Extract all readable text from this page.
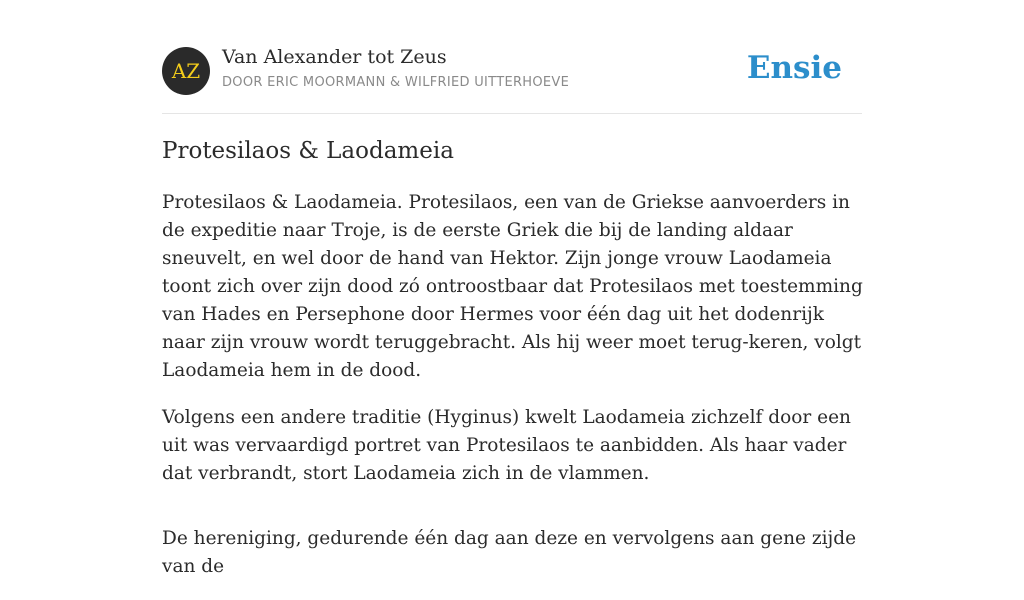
AZ
Van Alexander tot Zeus
DOOR ERIC MOORMANN & WILFRIED UITTERHOEVE	Ensie
Protesilaos & Laodameia

Protesilaos & Laodameia. Protesilaos, een van de Griekse aanvoerders in de expeditie naar Troje, is de eerste Griek die bij de landing aldaar sneuvelt, en wel door de hand van Hektor. Zijn jonge vrouw Laodameia toont zich over zijn dood zó ontroostbaar dat Protesilaos met toestemming van Hades en Persephone door Hermes voor één dag uit het dodenrijk naar zijn vrouw wordt teruggebracht. Als hij weer moet terug-keren, volgt Laodameia hem in de dood.

Volgens een andere traditie (Hyginus) kwelt Laodameia zichzelf door een uit was vervaardigd portret van Protesilaos te aanbidden. Als haar vader dat verbrandt, stort Laodameia zich in de vlammen.

De hereniging, gedurende één dag aan deze en vervolgens aan gene zijde van de
